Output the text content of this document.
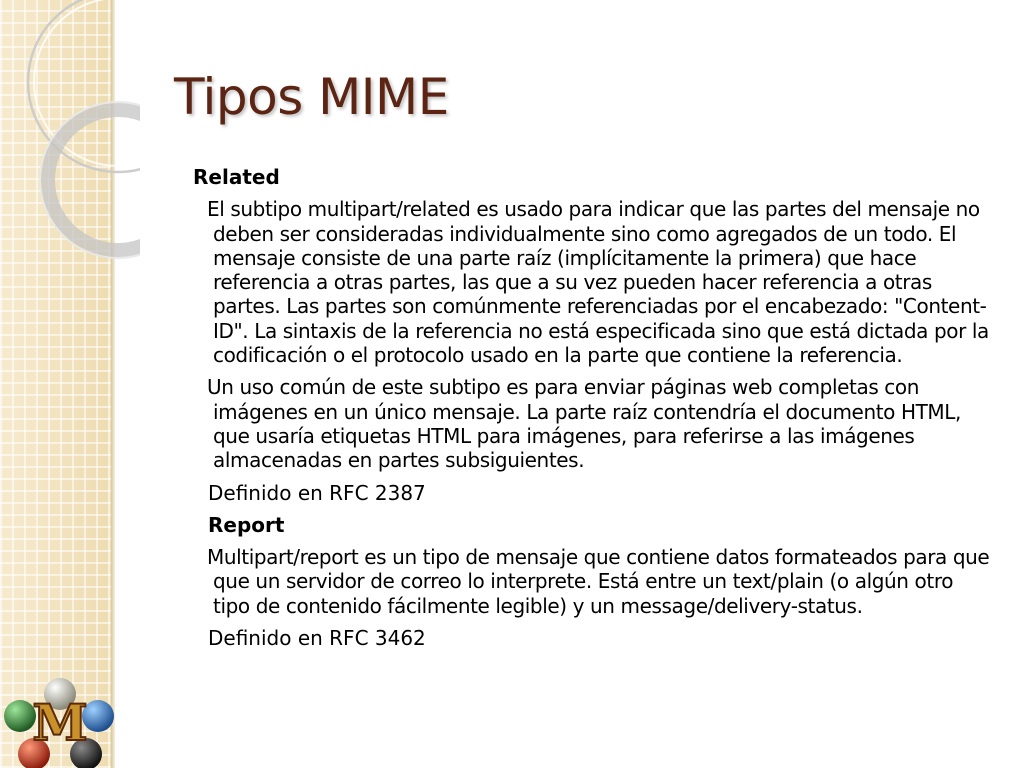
M
Tipos MIME

Related

El subtipo multipart/related es usado para indicar que las partes del mensaje no deben ser consideradas individualmente sino como agregados de un todo. El mensaje consiste de una parte raíz (implícitamente la primera) que hace referencia a otras partes, las que a su vez pueden hacer referencia a otras partes. Las partes son comúnmente referenciadas por el encabezado: "Content-ID". La sintaxis de la referencia no está especificada sino que está dictada por la codificación o el protocolo usado en la parte que contiene la referencia.

Un uso común de este subtipo es para enviar páginas web completas con imágenes en un único mensaje. La parte raíz contendría el documento HTML, que usaría etiquetas HTML para imágenes, para referirse a las imágenes almacenadas en partes subsiguientes.

Definido en RFC 2387

Report

Multipart/report es un tipo de mensaje que contiene datos formateados para que que un servidor de correo lo interprete. Está entre un text/plain (o algún otro tipo de contenido fácilmente legible) y un message/delivery-status.

Definido en RFC 3462
